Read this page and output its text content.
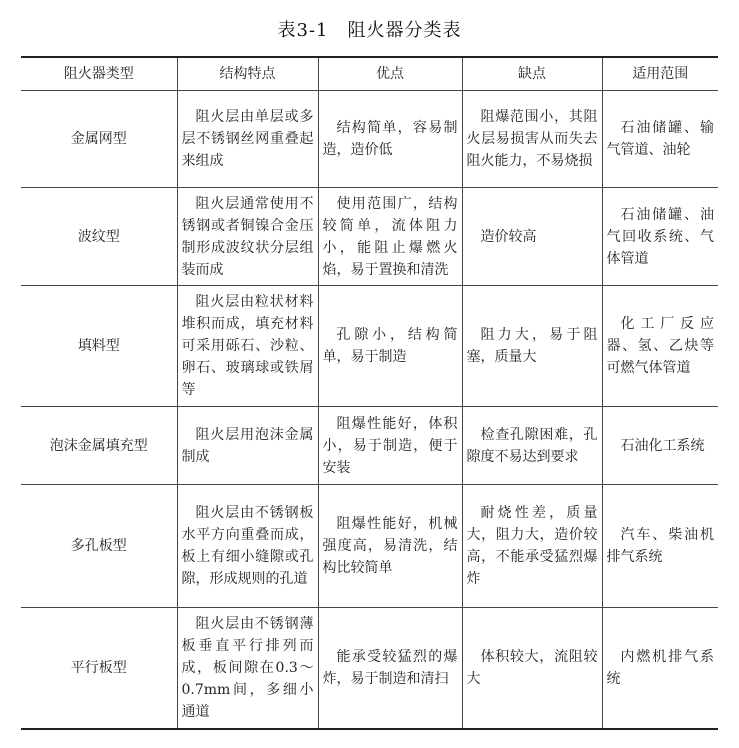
表3-1　阻火器分类表
阻火器类型	结构特点	优点	缺点	适用范围
金属网型	阻火层由单层或多层不锈钢丝网重叠起来组成	结构简单，容易制造，造价低	阻爆范围小，其阻火层易损害从而失去阻火能力，不易烧损	石油储罐、输气管道、油轮
波纹型	阻火层通常使用不锈钢或者铜镍合金压制形成波纹状分层组装而成	使用范围广，结构较简单，流体阻力小，能阻止爆燃火焰，易于置换和清洗	造价较高	石油储罐、油气回收系统、气体管道
填料型	阻火层由粒状材料堆积而成，填充材料可采用砾石、沙粒、卵石、玻璃球或铁屑等	孔隙小，结构简单，易于制造	阻力大，易于阻塞，质量大	化工厂反应器、氢、乙炔等可燃气体管道
泡沫金属填充型	阻火层用泡沫金属制成	阻爆性能好，体积小，易于制造，便于安装	检查孔隙困难，孔隙度不易达到要求	石油化工系统
多孔板型	阻火层由不锈钢板水平方向重叠而成，板上有细小缝隙或孔隙，形成规则的孔道	阻爆性能好，机械强度高，易清洗，结构比较简单	耐烧性差，质量大，阻力大，造价较高，不能承受猛烈爆炸	汽车、柴油机排气系统
平行板型	阻火层由不锈钢薄板垂直平行排列而成，板间隙在0.3～0.7mm间，多细小通道	能承受较猛烈的爆炸，易于制造和清扫	体积较大，流阻较大	内燃机排气系统
